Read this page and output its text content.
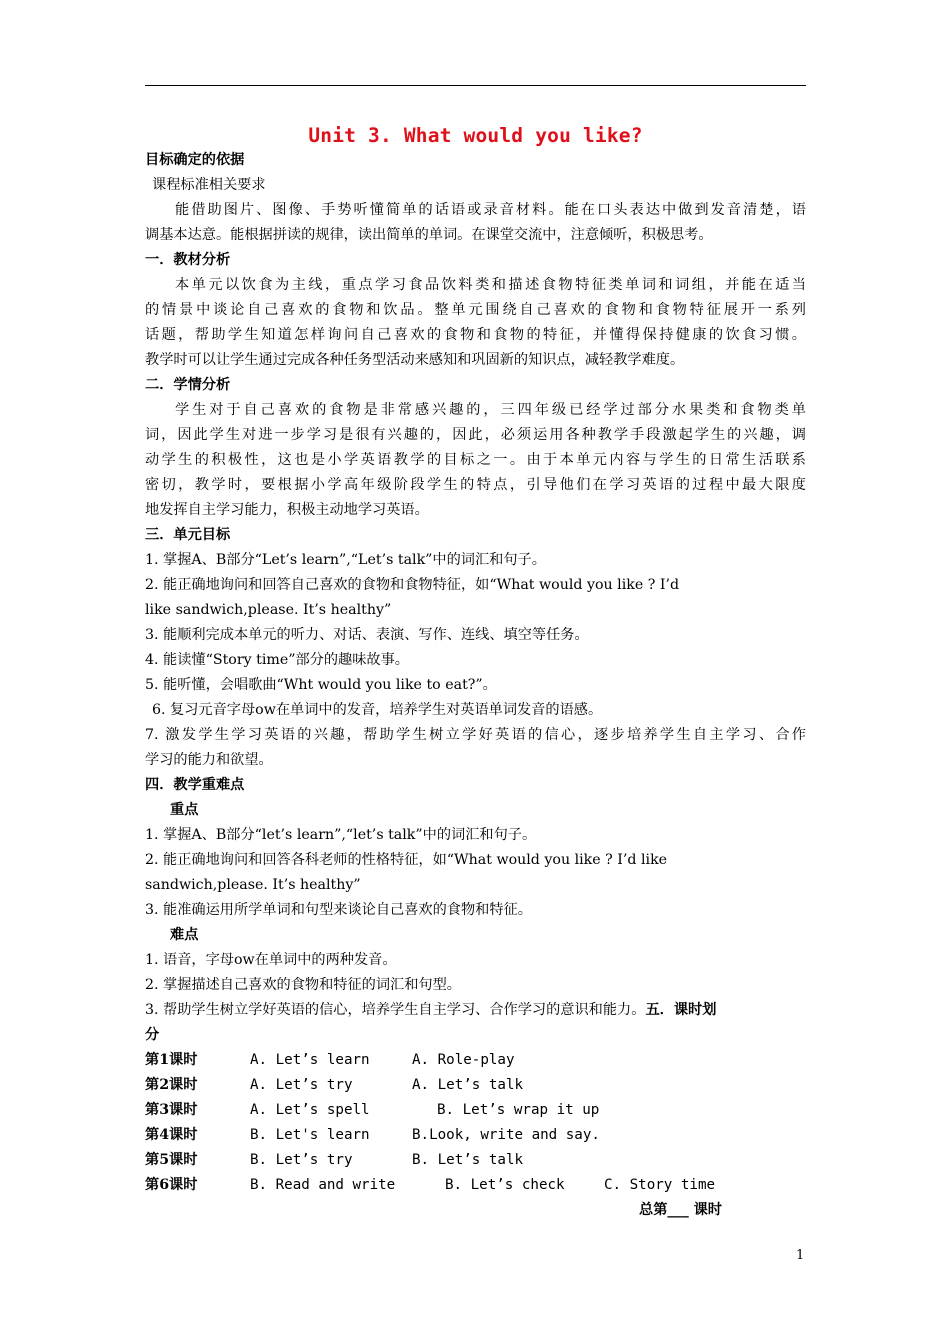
Unit 3. What would you like?
目标确定的依据
课程标准相关要求
能借助图片、图像、手势听懂简单的话语或录音材料。能在口头表达中做到发音清楚，语
调基本达意。能根据拼读的规律，读出简单的单词。在课堂交流中，注意倾听，积极思考。
一．教材分析
本单元以饮食为主线，重点学习食品饮料类和描述食物特征类单词和词组，并能在适当
的情景中谈论自己喜欢的食物和饮品。整单元围绕自己喜欢的食物和食物特征展开一系列
话题，帮助学生知道怎样询问自己喜欢的食物和食物的特征，并懂得保持健康的饮食习惯。
教学时可以让学生通过完成各种任务型活动来感知和巩固新的知识点，减轻教学难度。
二．学情分析
学生对于自己喜欢的食物是非常感兴趣的，三四年级已经学过部分水果类和食物类单
词，因此学生对进一步学习是很有兴趣的，因此，必须运用各种教学手段激起学生的兴趣，调
动学生的积极性，这也是小学英语教学的目标之一。由于本单元内容与学生的日常生活联系
密切，教学时，要根据小学高年级阶段学生的特点，引导他们在学习英语的过程中最大限度
地发挥自主学习能力，积极主动地学习英语。
三．单元目标
1. 掌握A、B部分“Let’s learn”,“Let’s talk”中的词汇和句子。
2. 能正确地询问和回答自己喜欢的食物和食物特征，如“What would you like ? I’d
like sandwich,please. It’s healthy”
3. 能顺利完成本单元的听力、对话、表演、写作、连线、填空等任务。
4. 能读懂“Story time”部分的趣味故事。
5. 能听懂，会唱歌曲“Wht would you like to eat?”。
6. 复习元音字母ow在单词中的发音，培养学生对英语单词发音的语感。
7. 激发学生学习英语的兴趣，帮助学生树立学好英语的信心，逐步培养学生自主学习、合作
学习的能力和欲望。
四．教学重难点
重点
1. 掌握A、B部分“let’s learn”,“let’s talk”中的词汇和句子。
2. 能正确地询问和回答各科老师的性格特征，如“What would you like ? I’d like
sandwich,please. It’s healthy”
3. 能准确运用所学单词和句型来谈论自己喜欢的食物和特征。
难点
1. 语音，字母ow在单词中的两种发音。
2. 掌握描述自己喜欢的食物和特征的词汇和句型。
3. 帮助学生树立学好英语的信心，培养学生自主学习、合作学习的意识和能力。五．课时划
分
第1课时	A. Let’s learn	A. Role-play
第2课时	A. Let’s try	A. Let’s talk
第3课时	A. Let’s spell	B. Let’s wrap it up
第4课时	B. Let's learn	B.Look, write and say.
第5课时	B. Let’s try	B. Let’s talk
第6课时	B. Read and write	B. Let’s check	C. Story time
总第___ 课时
1
